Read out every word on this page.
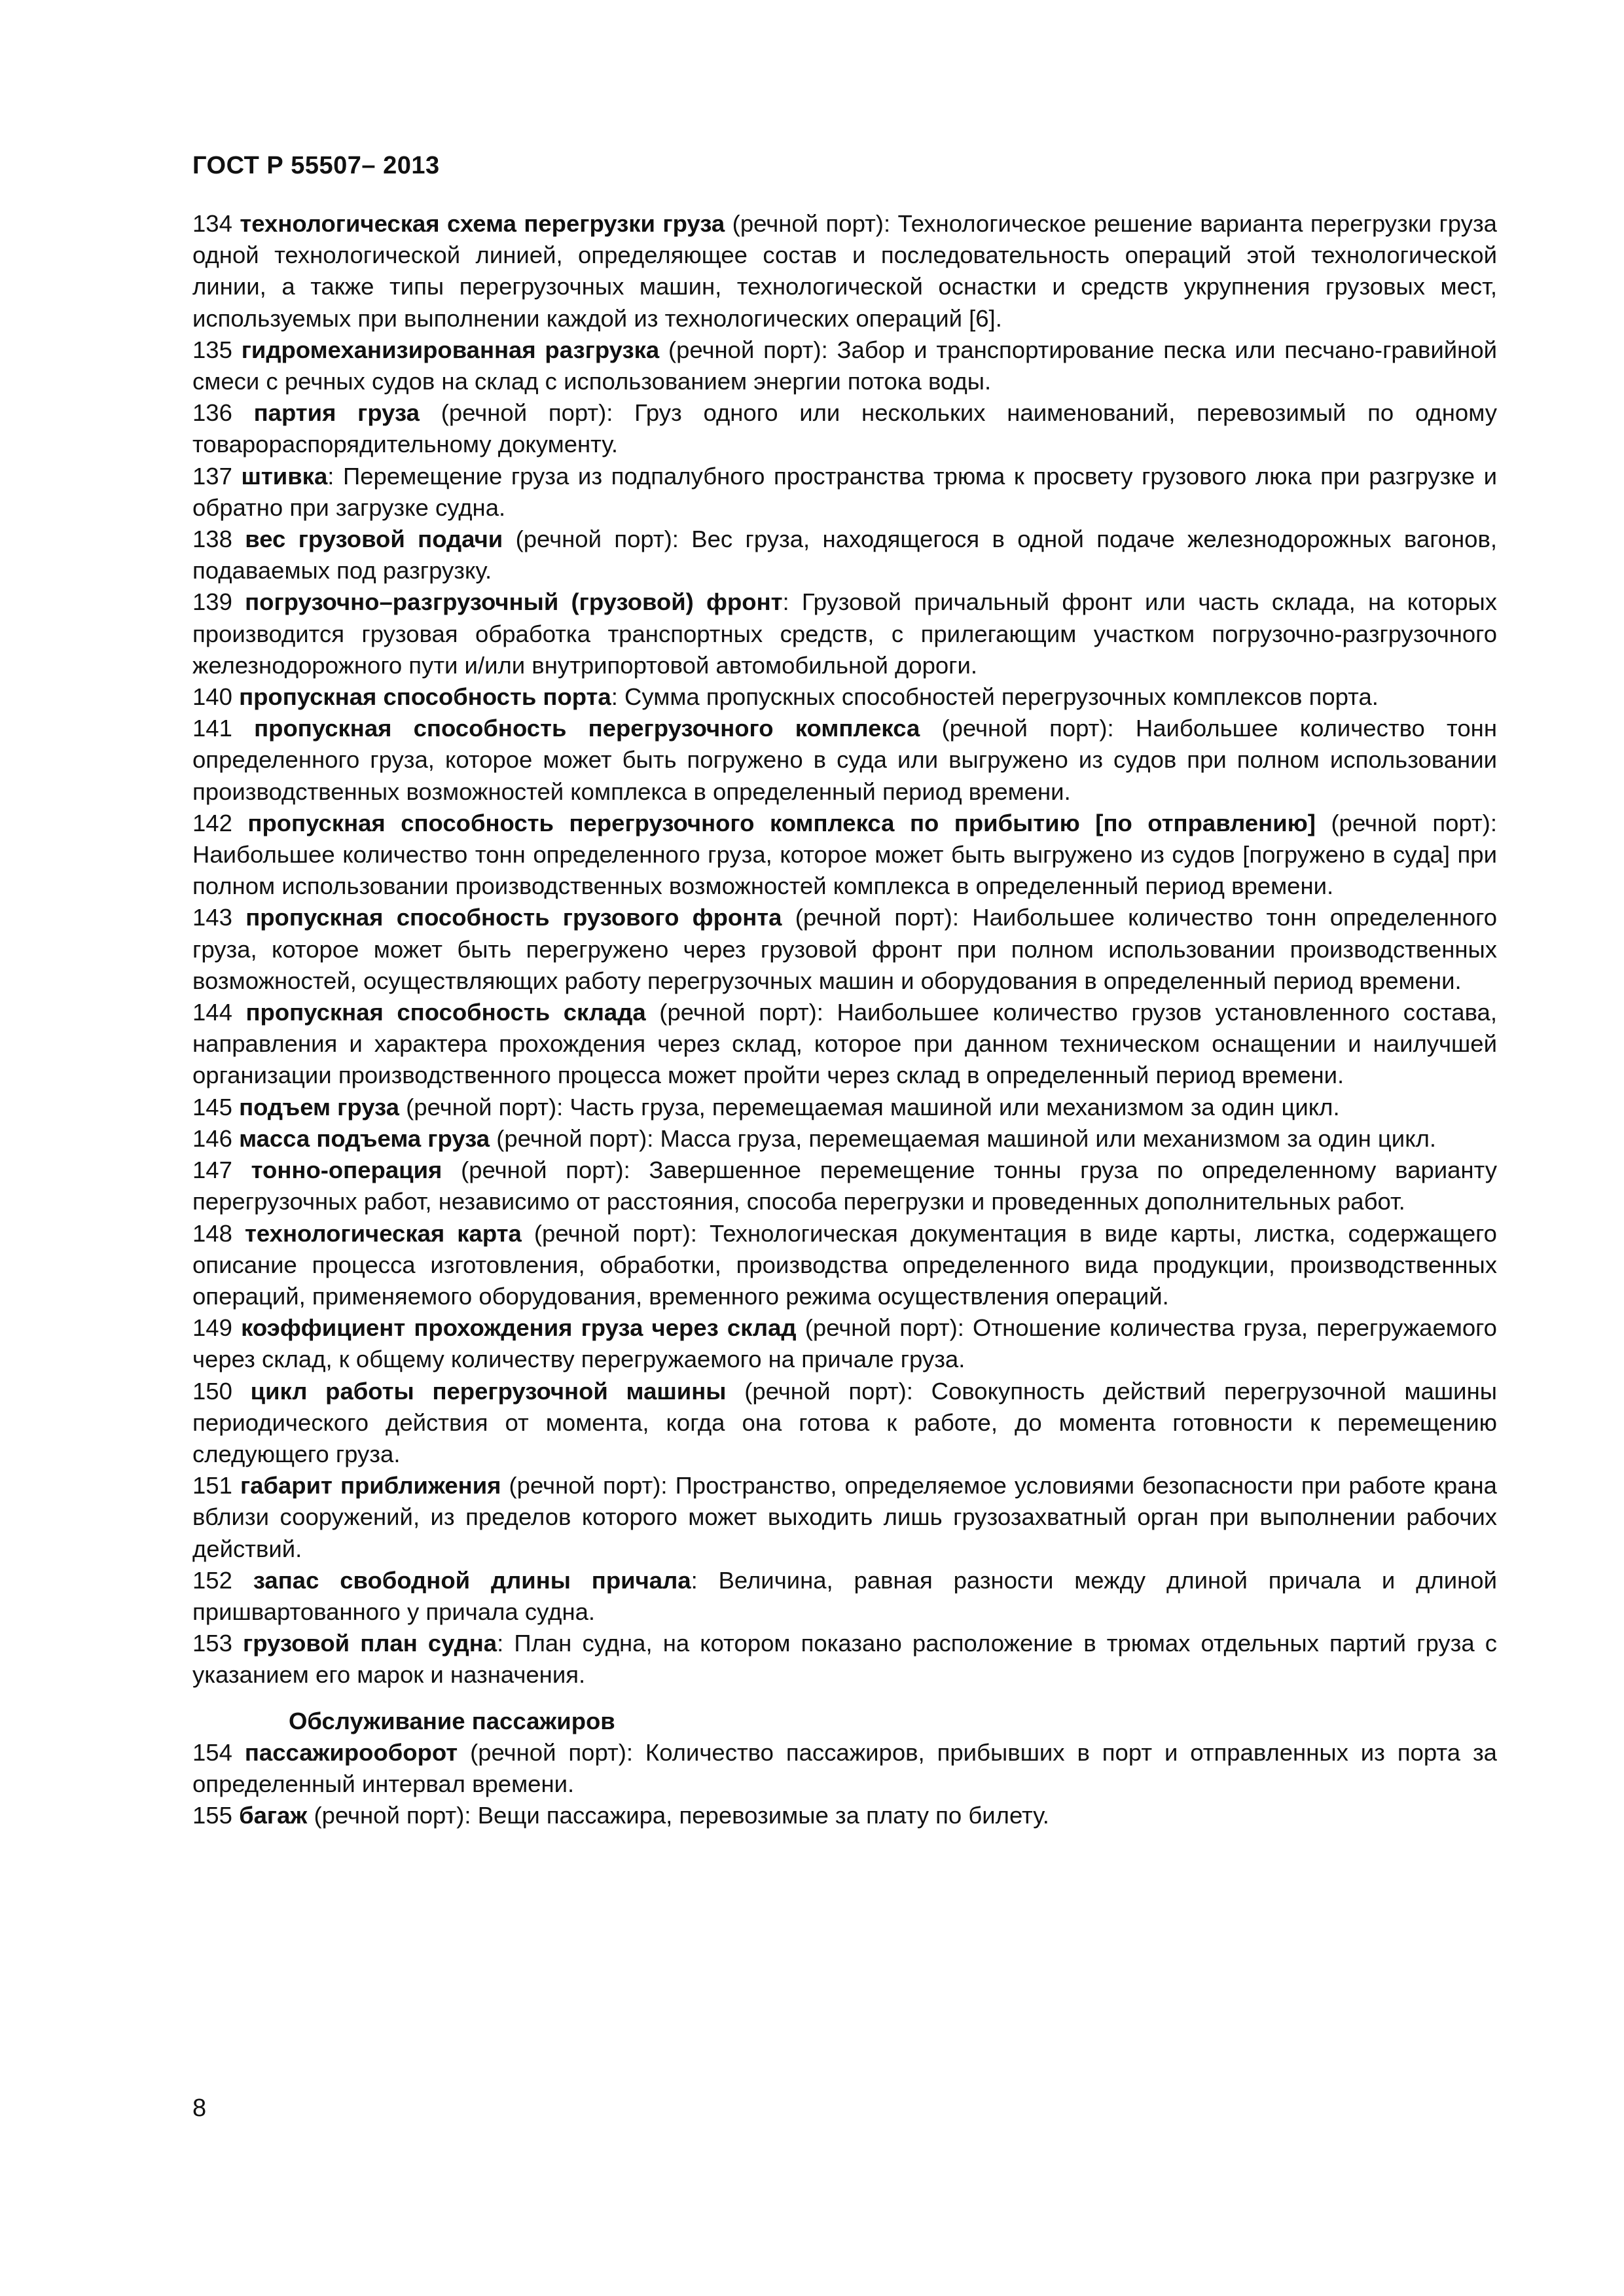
ГОСТ Р 55507– 2013

134 технологическая схема перегрузки груза (речной порт): Технологическое решение варианта перегрузки груза одной технологической линией, определяющее состав и последовательность операций этой технологической линии, а также типы перегрузочных машин, технологической оснастки и средств укрупнения грузовых мест, используемых при выполнении каждой из технологических операций [6].

135 гидромеханизированная разгрузка (речной порт): Забор и транспортирование песка или песчано-гравийной смеси с речных судов на склад с использованием энергии потока воды.

136 партия груза (речной порт): Груз одного или нескольких наименований, перевозимый по одному товарораспорядительному документу.

137 штивка: Перемещение груза из подпалубного пространства трюма к просвету грузового люка при разгрузке и обратно при загрузке судна.

138 вес грузовой подачи (речной порт): Вес груза, находящегося в одной подаче железнодорожных вагонов, подаваемых под разгрузку.

139 погрузочно–разгрузочный (грузовой) фронт: Грузовой причальный фронт или часть склада, на которых производится грузовая обработка транспортных средств, с прилегающим участком погрузочно-разгрузочного железнодорожного пути и/или внутрипортовой автомобильной дороги.

140 пропускная способность порта: Сумма пропускных способностей перегрузочных комплексов порта.

141 пропускная способность перегрузочного комплекса (речной порт): Наибольшее количество тонн определенного груза, которое может быть погружено в суда или выгружено из судов при полном использовании производственных возможностей комплекса в определенный период времени.

142 пропускная способность перегрузочного комплекса по прибытию [по отправлению] (речной порт): Наибольшее количество тонн определенного груза, которое может быть выгружено из судов [погружено в суда] при полном использовании производственных возможностей комплекса в определенный период времени.

143 пропускная способность грузового фронта (речной порт): Наибольшее количество тонн определенного груза, которое может быть перегружено через грузовой фронт при полном использовании производственных возможностей, осуществляющих работу перегрузочных машин и оборудования в определенный период времени.

144 пропускная способность склада (речной порт): Наибольшее количество грузов установленного состава, направления и характера прохождения через склад, которое при данном техническом оснащении и наилучшей организации производственного процесса может пройти через склад в определенный период времени.

145 подъем груза (речной порт): Часть груза, перемещаемая машиной или механизмом за один цикл.

146 масса подъема груза (речной порт): Масса груза, перемещаемая машиной или механизмом за один цикл.

147 тонно-операция (речной порт): Завершенное перемещение тонны груза по определенному варианту перегрузочных работ, независимо от расстояния, способа перегрузки и проведенных дополнительных работ.

148 технологическая карта (речной порт): Технологическая документация в виде карты, листка, содержащего описание процесса изготовления, обработки, производства определенного вида продукции, производственных операций, применяемого оборудования, временного режима осуществления операций.

149 коэффициент прохождения груза через склад (речной порт): Отношение количества груза, перегружаемого через склад, к общему количеству перегружаемого на причале груза.

150 цикл работы перегрузочной машины (речной порт): Совокупность действий перегрузочной машины периодического действия от момента, когда она готова к работе, до момента готовности к перемещению следующего груза.

151 габарит приближения (речной порт): Пространство, определяемое условиями безопасности при работе крана вблизи сооружений, из пределов которого может выходить лишь грузозахватный орган при выполнении рабочих действий.

152 запас свободной длины причала: Величина, равная разности между длиной причала и длиной пришвартованного у причала судна.

153 грузовой план судна: План судна, на котором показано расположение в трюмах отдельных партий груза с указанием его марок и назначения.

Обслуживание пассажиров

154 пассажирооборот (речной порт): Количество пассажиров, прибывших в порт и отправленных из порта за определенный интервал времени.

155 багаж (речной порт): Вещи пассажира, перевозимые за плату по билету.

8
